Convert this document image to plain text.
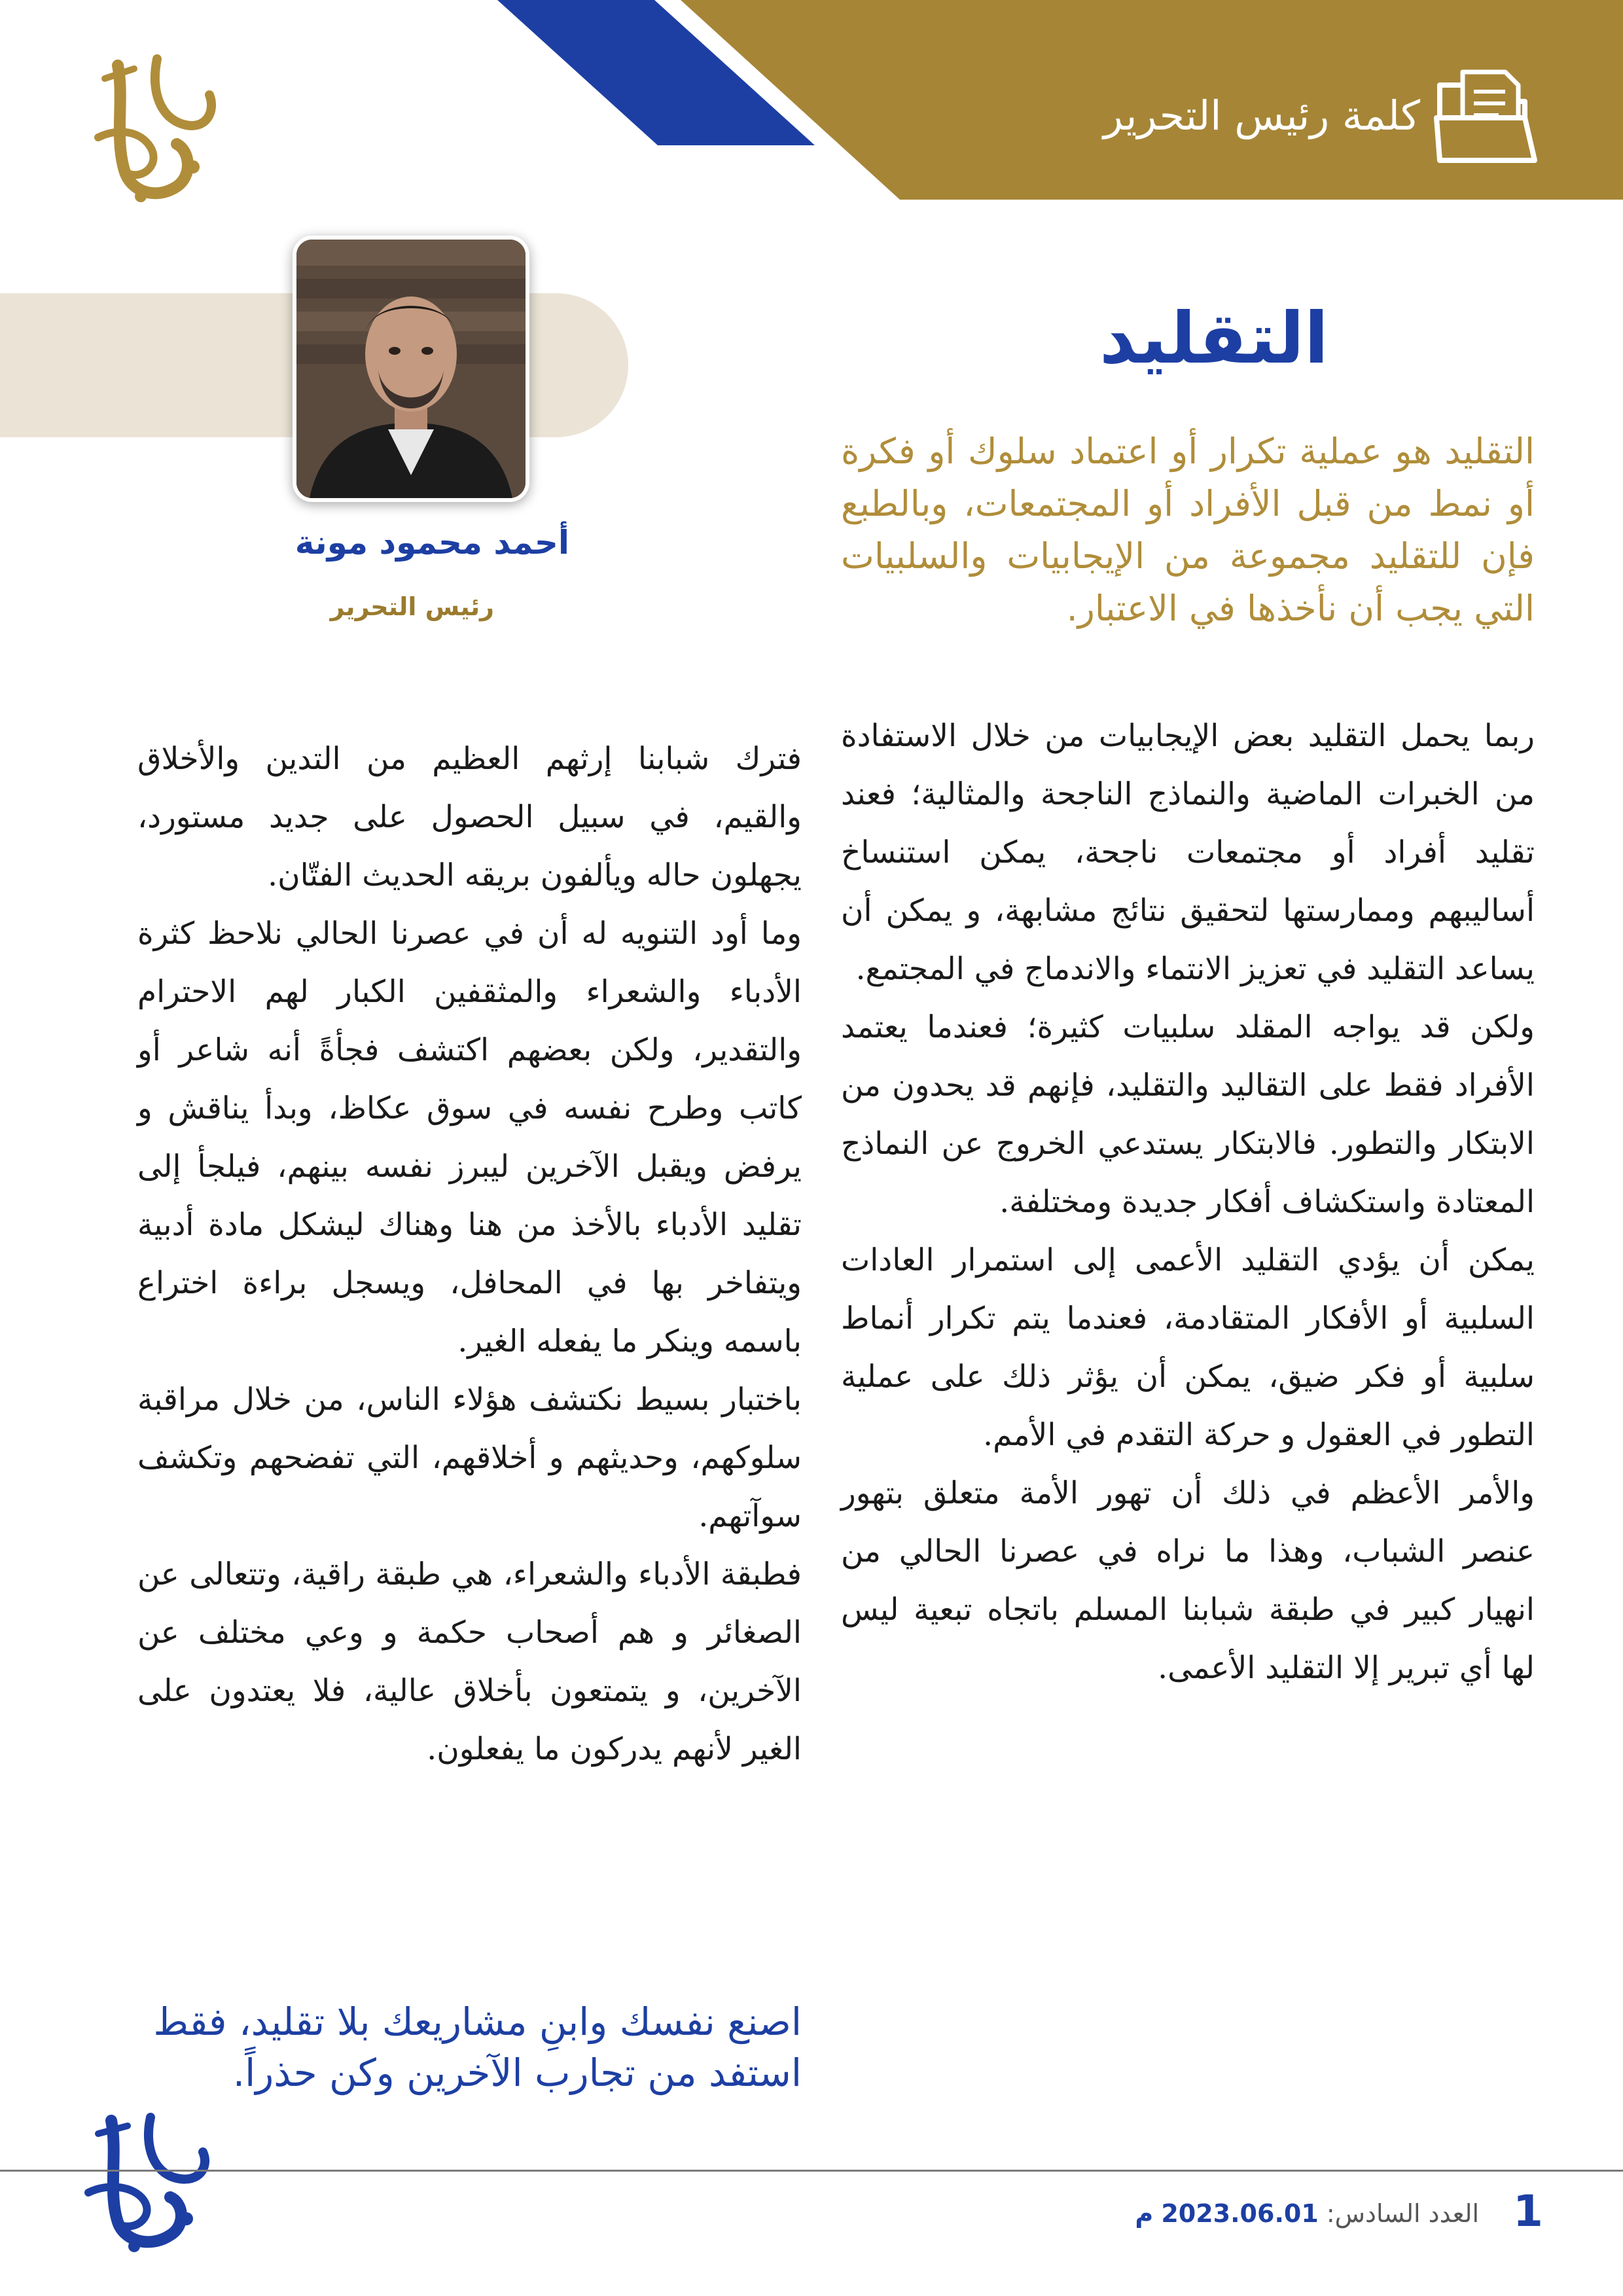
كلمة رئيس التحرير
أحمد محمود مونة
رئيس التحرير
التقليد
التقليد هو عملية تكرار أو اعتماد سلوك أو فكرة أو نمط من قبل الأفراد أو المجتمعات، وبالطبع فإن للتقليد مجموعة من الإيجابيات والسلبيات التي يجب أن نأخذها في الاعتبار.

ربما يحمل التقليد بعض الإيجابيات من خلال الاستفادة من الخبرات الماضية والنماذج الناجحة والمثالية؛ فعند تقليد أفراد أو مجتمعات ناجحة، يمكن استنساخ أساليبهم وممارستها لتحقيق نتائج مشابهة، و يمكن أن يساعد التقليد في تعزيز الانتماء والاندماج في المجتمع.

ولكن قد يواجه المقلد سلبيات كثيرة؛ فعندما يعتمد الأفراد فقط على التقاليد والتقليد، فإنهم قد يحدون من الابتكار والتطور. فالابتكار يستدعي الخروج عن النماذج المعتادة واستكشاف أفكار جديدة ومختلفة.

يمكن أن يؤدي التقليد الأعمى إلى استمرار العادات السلبية أو الأفكار المتقادمة، فعندما يتم تكرار أنماط سلبية أو فكر ضيق، يمكن أن يؤثر ذلك على عملية التطور في العقول و حركة التقدم في الأمم.

والأمر الأعظم في ذلك أن تهور الأمة متعلق بتهور عنصر الشباب، وهذا ما نراه في عصرنا الحالي من انهيار كبير في طبقة شبابنا المسلم باتجاه تبعية ليس لها أي تبرير إلا التقليد الأعمى.

فترك شبابنا إرثهم العظيم من التدين والأخلاق والقيم، في سبيل الحصول على جديد مستورد، يجهلون حاله ويألفون بريقه الحديث الفتّان.

وما أود التنويه له أن في عصرنا الحالي نلاحظ كثرة الأدباء والشعراء والمثقفين الكبار لهم الاحترام والتقدير، ولكن بعضهم اكتشف فجأةً أنه شاعر أو كاتب وطرح نفسه في سوق عكاظ، وبدأ يناقش و يرفض ويقبل الآخرين ليبرز نفسه بينهم، فيلجأ إلى تقليد الأدباء بالأخذ من هنا وهناك ليشكل مادة أدبية ويتفاخر بها في المحافل، ويسجل براءة اختراع باسمه وينكر ما يفعله الغير.

باختبار بسيط نكتشف هؤلاء الناس، من خلال مراقبة سلوكهم، وحديثهم و أخلاقهم، التي تفضحهم وتكشف سوآتهم.

فطبقة الأدباء والشعراء، هي طبقة راقية، وتتعالى عن الصغائر و هم أصحاب حكمة و وعي مختلف عن الآخرين، و يتمتعون بأخلاق عالية، فلا يعتدون على الغير لأنهم يدركون ما يفعلون.

اصنع نفسك وابنِ مشاريعك بلا تقليد، فقط استفد من تجارب الآخرين وكن حذراً.
العدد السادس: 2023.06.01 م	1
